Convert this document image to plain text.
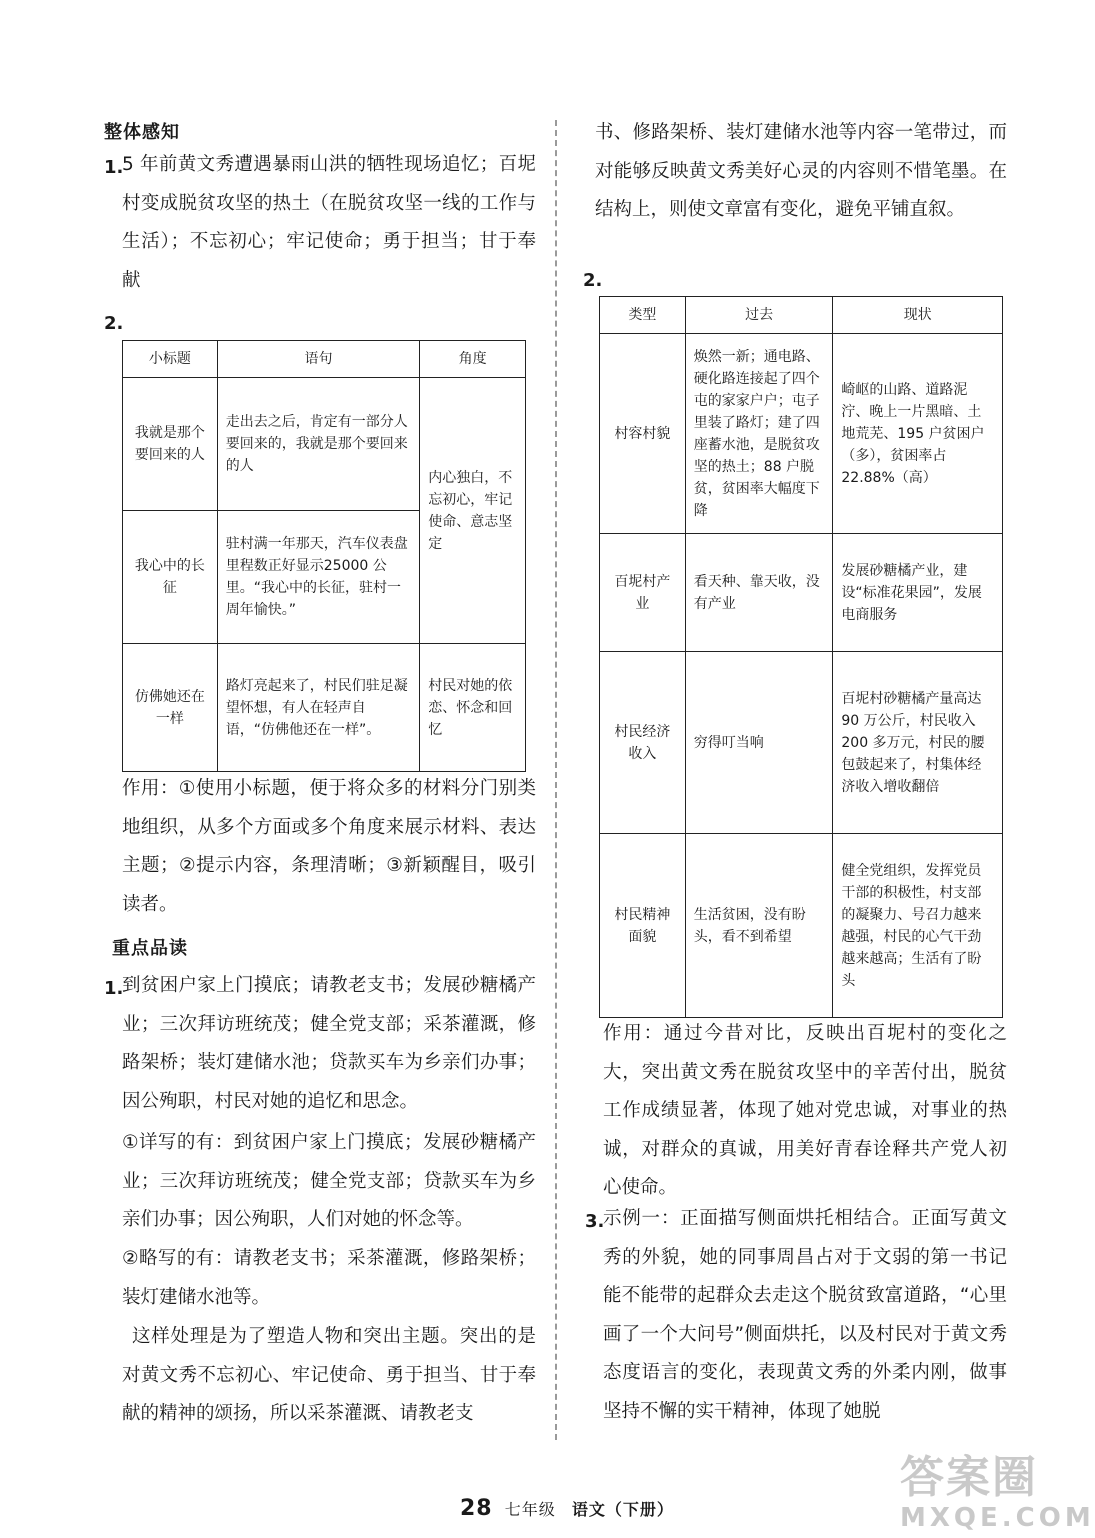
整体感知
1.
5 年前黄文秀遭遇暴雨山洪的牺牲现场追忆；百坭村变成脱贫攻坚的热土（在脱贫攻坚一线的工作与生活）；不忘初心；牢记使命；勇于担当；甘于奉献
2.
小标题	语句	角度
我就是那个要回来的人	走出去之后，肯定有一部分人要回来的，我就是那个要回来的人	内心独白，不忘初心，牢记使命、意志坚定
我心中的长征	驻村满一年那天，汽车仪表盘里程数正好显示25000 公里。“我心中的长征，驻村一周年愉快。”	
仿佛她还在一样	路灯亮起来了，村民们驻足凝望怀想，有人在轻声自语，“仿佛他还在一样”。	村民对她的依恋、怀念和回忆
作用：①使用小标题，便于将众多的材料分门别类地组织，从多个方面或多个角度来展示材料、表达主题；②提示内容，条理清晰；③新颖醒目，吸引读者。
重点品读
1.
到贫困户家上门摸底；请教老支书；发展砂糖橘产业；三次拜访班统茂；健全党支部；采茶灌溉，修路架桥；装灯建储水池；贷款买车为乡亲们办事；因公殉职，村民对她的追忆和思念。
①详写的有：到贫困户家上门摸底；发展砂糖橘产业；三次拜访班统茂；健全党支部；贷款买车为乡亲们办事；因公殉职，人们对她的怀念等。
②略写的有：请教老支书；采茶灌溉，修路架桥；装灯建储水池等。
这样处理是为了塑造人物和突出主题。突出的是对黄文秀不忘初心、牢记使命、勇于担当、甘于奉献的精神的颂扬，所以采茶灌溉、请教老支
书、修路架桥、装灯建储水池等内容一笔带过，而对能够反映黄文秀美好心灵的内容则不惜笔墨。在结构上，则使文章富有变化，避免平铺直叙。
2.
类型	过去	现状
村容村貌	焕然一新；通电路、硬化路连接起了四个屯的家家户户；屯子里装了路灯；建了四座蓄水池，是脱贫攻坚的热土；88 户脱贫，贫困率大幅度下降	崎岖的山路、道路泥泞、晚上一片黑暗、土地荒芜、195 户贫困户（多），贫困率占22.88%（高）
百坭村产业	看天种、靠天收，没有产业	发展砂糖橘产业，建设“标准花果园”，发展电商服务
村民经济收入	穷得叮当响	百坭村砂糖橘产量高达 90 万公斤，村民收入 200 多万元，村民的腰包鼓起来了，村集体经济收入增收翻倍
村民精神面貌	生活贫困，没有盼头，看不到希望	健全党组织，发挥党员干部的积极性，村支部的凝聚力、号召力越来越强，村民的心气干劲越来越高；生活有了盼头
作用：通过今昔对比，反映出百坭村的变化之大，突出黄文秀在脱贫攻坚中的辛苦付出，脱贫工作成绩显著，体现了她对党忠诚，对事业的热诚，对群众的真诚，用美好青春诠释共产党人初心使命。
3.
示例一：正面描写侧面烘托相结合。正面写黄文秀的外貌，她的同事周昌占对于文弱的第一书记能不能带的起群众去走这个脱贫致富道路，“心里画了一个大问号”侧面烘托，以及村民对于黄文秀态度语言的变化，表现黄文秀的外柔内刚，做事坚持不懈的实干精神，体现了她脱
28 七年级 语文（下册）
答案圈
MXQE.COM
